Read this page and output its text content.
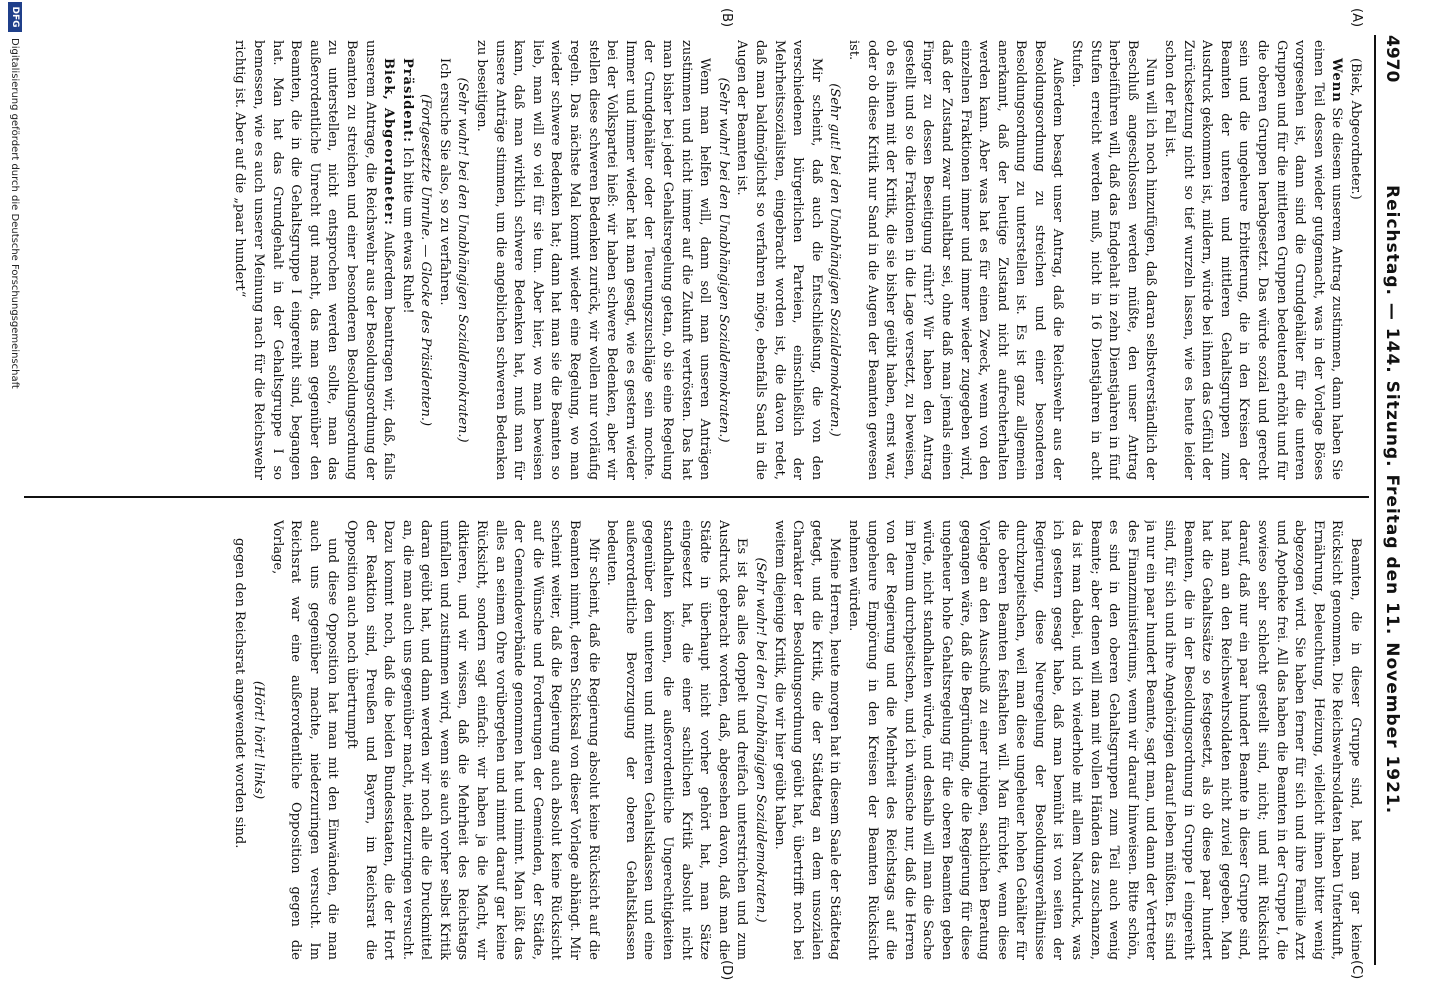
4970
Reichstag. — 144. Sitzung. Freitag den 11. November 1921.
(A)
(B)
(C)
(D)

(Biek, Abgeordneter.)

Wenn Sie diesem unserem Antrag zustimmen, dann haben Sie einen Teil dessen wieder gutgemacht, was in der Vorlage Böses vorgesehen ist, dann sind die Grundgehälter für die unteren Gruppen und für die mittleren Gruppen bedeutend erhöht und für die oberen Gruppen herabgesetzt. Das würde sozial und gerecht sein und die ungeheure Erbitterung, die in den Kreisen der Beamten der unteren und mittleren Gehaltsgruppen zum Ausdruck gekommen ist, mildern, würde bei ihnen das Gefühl der Zurücksetzung nicht so tief wurzeln lassen, wie es heute leider schon der Fall ist.

Nun will ich noch hinzufügen, daß daran selbstverständlich der Beschluß angeschlossen werden müßte, den unser Antrag herbeiführen will, daß das Endgehalt in zehn Dienstjahren in fünf Stufen erreicht werden muß, nicht in 16 Dienstjahren in acht Stufen.

Außerdem besagt unser Antrag, daß die Reichswehr aus der Besoldungsordnung zu streichen und einer besonderen Besoldungsordnung zu unterstellen ist. Es ist ganz allgemein anerkannt, daß der heutige Zustand nicht aufrechterhalten werden kann. Aber was hat es für einen Zweck, wenn von den einzelnen Fraktionen immer und immer wieder zugegeben wird, daß der Zustand zwar unhaltbar sei, ohne daß man jemals einen Finger zu dessen Beseitigung rührt? Wir haben den Antrag gestellt und so die Fraktionen in die Lage versetzt, zu beweisen, ob es ihnen mit der Kritik, die sie bisher geübt haben, ernst war, oder ob diese Kritik nur Sand in die Augen der Beamten gewesen ist.

(Sehr gut! bei den Unabhängigen Sozialdemokraten.)

Mir scheint, daß auch die Entschließung, die von den verschiedenen bürgerlichen Parteien, einschließlich der Mehrheitssozialisten, eingebracht worden ist, die davon redet, daß man baldmöglichst so verfahren möge, ebenfalls Sand in die Augen der Beamten ist.

(Sehr wahr! bei den Unabhängigen Sozialdemokraten.)

Wenn man helfen will, dann soll man unseren Anträgen zustimmen und nicht immer auf die Zukunft vertrösten. Das hat man bisher bei jeder Gehaltsregelung getan, ob sie eine Regelung der Grundgehälter oder der Teuerungszuschläge sein mochte. Immer und immer wieder hat man gesagt, wie es gestern wieder bei der Volkspartei hieß: wir haben schwere Bedenken, aber wir stellen diese schweren Bedenken zurück, wir wollen nur vorläufig regeln. Das nächste Mal kommt wieder eine Regelung, wo man wieder schwere Bedenken hat; dann hat man sie die Beamten so lieb, man will so viel für sie tun. Aber hier, wo man beweisen kann, daß man wirklich schwere Bedenken hat, muß man für unsere Anträge stimmen, um die angeblichen schweren Bedenken zu beseitigen.

(Sehr wahr! bei den Unabhängigen Sozialdemokraten.)

Ich ersuche Sie also, so zu verfahren.

(Fortgesetzte Unruhe. — Glocke des Präsidenten.)

Präsident: Ich bitte um etwas Ruhe!

Biek, Abgeordneter: Außerdem beantragen wir, daß, falls unserem Antrage, die Reichswehr aus der Besoldungsordnung der Beamten zu streichen und einer besonderen Besoldungsordnung zu unterstellen, nicht entsprochen werden sollte, man das außerordentliche Unrecht gut macht, das man gegenüber den Beamten, die in die Gehaltsgruppe I eingereiht sind, begangen hat. Man hat das Grundgehalt in der Gehaltsgruppe I so bemessen, wie es auch unserer Meinung nach für die Reichswehr richtig ist. Aber auf die „paar hundert“

Beamten, die in dieser Gruppe sind, hat man gar keine Rücksicht genommen. Die Reichswehrsoldaten haben Unterkunft, Ernährung, Beleuchtung, Heizung, vielleicht ihnen bitter wenig abgezogen wird. Sie haben ferner für sich und ihre Familie Arzt und Apotheke frei. All das haben die Beamten in der Gruppe I, die sowieso sehr schlecht gestellt sind, nicht; und mit Rücksicht darauf, daß nur ein paar hundert Beamte in dieser Gruppe sind, hat man an den Reichswehrsoldaten nicht zuviel gegeben. Man hat die Gehaltssätze so festgesetzt, als ob diese paar hundert Beamten, die in der Besoldungsordnung in Gruppe I eingereiht sind, für sich und ihre Angehörigen darauf leben müßten. Es sind ja nur ein paar hundert Beamte, sagt man, und dann der Vertreter des Finanzministeriums, wenn wir darauf hinweisen. Bitte schön, es sind in den oberen Gehaltsgruppen zum Teil auch wenig Beamte; aber denen will man mit vollen Händen das zuschanzen, da ist man dabei, und ich wiederhole mit allem Nachdruck, was ich gestern gesagt habe, daß man bemüht ist von seiten der Regierung, diese Neuregelung der Besoldungsverhältnisse durchzupeitschen, weil man diese ungeheuer hohen Gehälter für die oberen Beamten festhalten will. Man fürchtet, wenn diese Vorlage an den Ausschuß zu einer ruhigen, sachlichen Beratung gegangen wäre, daß die Begründung, die die Regierung für diese ungeheuer hohe Gehaltsregelung für die oberen Beamten geben würde, nicht standhalten würde, und deshalb will man die Sache im Plenum durchpeitschen, und ich wünsche nur, daß die Herren von der Regierung und die Mehrheit des Reichstags auf die ungeheure Empörung in den Kreisen der Beamten Rücksicht nehmen würden.

Meine Herren, heute morgen hat in diesem Saale der Städtetag getagt, und die Kritik, die der Städtetag an dem unsozialen Charakter der Besoldungsordnung geübt hat, übertrifft noch bei weitem diejenige Kritik, die wir hier geübt haben.

(Sehr wahr! bei den Unabhängigen Sozialdemokraten.)

Es ist das alles doppelt und dreifach unterstrichen und zum Ausdruck gebracht worden, daß, abgesehen davon, daß man die Städte in überhaupt nicht vorher gehört hat, man Sätze eingesetzt hat, die einer sachlichen Kritik absolut nicht standhalten können, die außerordentliche Ungerechtigkeiten gegenüber den unteren und mittleren Gehaltsklassen und eine außerordentliche Bevorzugung der oberen Gehaltsklassen bedeuten.

Mir scheint, daß die Regierung absolut keine Rücksicht auf die Beamten nimmt, deren Schicksal von dieser Vorlage abhängt. Mir scheint weiter, daß die Regierung auch absolut keine Rücksicht auf die Wünsche und Forderungen der Gemeinden, der Städte, der Gemeindeverbände genommen hat und nimmt. Man läßt das alles an seinem Ohre vorübergehen und nimmt darauf gar keine Rücksicht, sondern sagt einfach: wir haben ja die Macht, wir diktieren, und wir wissen, daß die Mehrheit des Reichstags umfallen und zustimmen wird, wenn sie auch vorher selbst Kritik daran geübt hat, und dann werden wir noch alle die Druckmittel an, die man auch uns gegenüber macht, niederzuringen versucht. Dazu kommt noch, daß die beiden Bundesstaaten, die der Hort der Reaktion sind, Preußen und Bayern, im Reichsrat die Opposition auch noch übertrumpft

und diese Opposition hat man mit den Einwänden, die man auch uns gegenüber machte, niederzuringen versucht. Im Reichsrat war eine außerordentliche Opposition gegen die Vorlage,

(Hört! hört! links)

gegen den Reichsrat angewendet worden sind.

DFG
Digitalisierung gefördert durch die Deutsche Forschungsgemeinschaft
